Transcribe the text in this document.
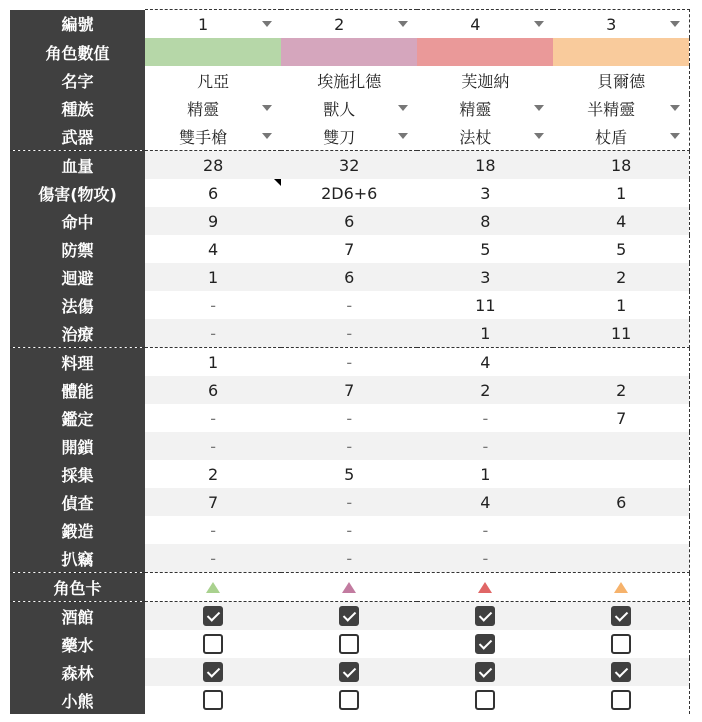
編號	1	2	4	3

角色數值				
名字	凡亞	埃施扎德	芙迦納	貝爾德
種族	精靈	獸人	精靈	半精靈

武器	雙手槍	雙刀	法杖	杖盾

血量	28	32	18	18
傷害(物攻)	6	2D6+6	3	1
命中	9	6	8	4
防禦	4	7	5	5
迴避	1	6	3	2
法傷	-	-	11	1
治療	-	-	1	11
料理	1	-	4	
體能	6	7	2	2
鑑定	-	-	-	7
開鎖	-	-	-	
採集	2	5	1	
偵查	7	-	4	6
鍛造	-	-	-	
扒竊	-	-	-	
角色卡				
酒館				
藥水				
森林				
小熊				
